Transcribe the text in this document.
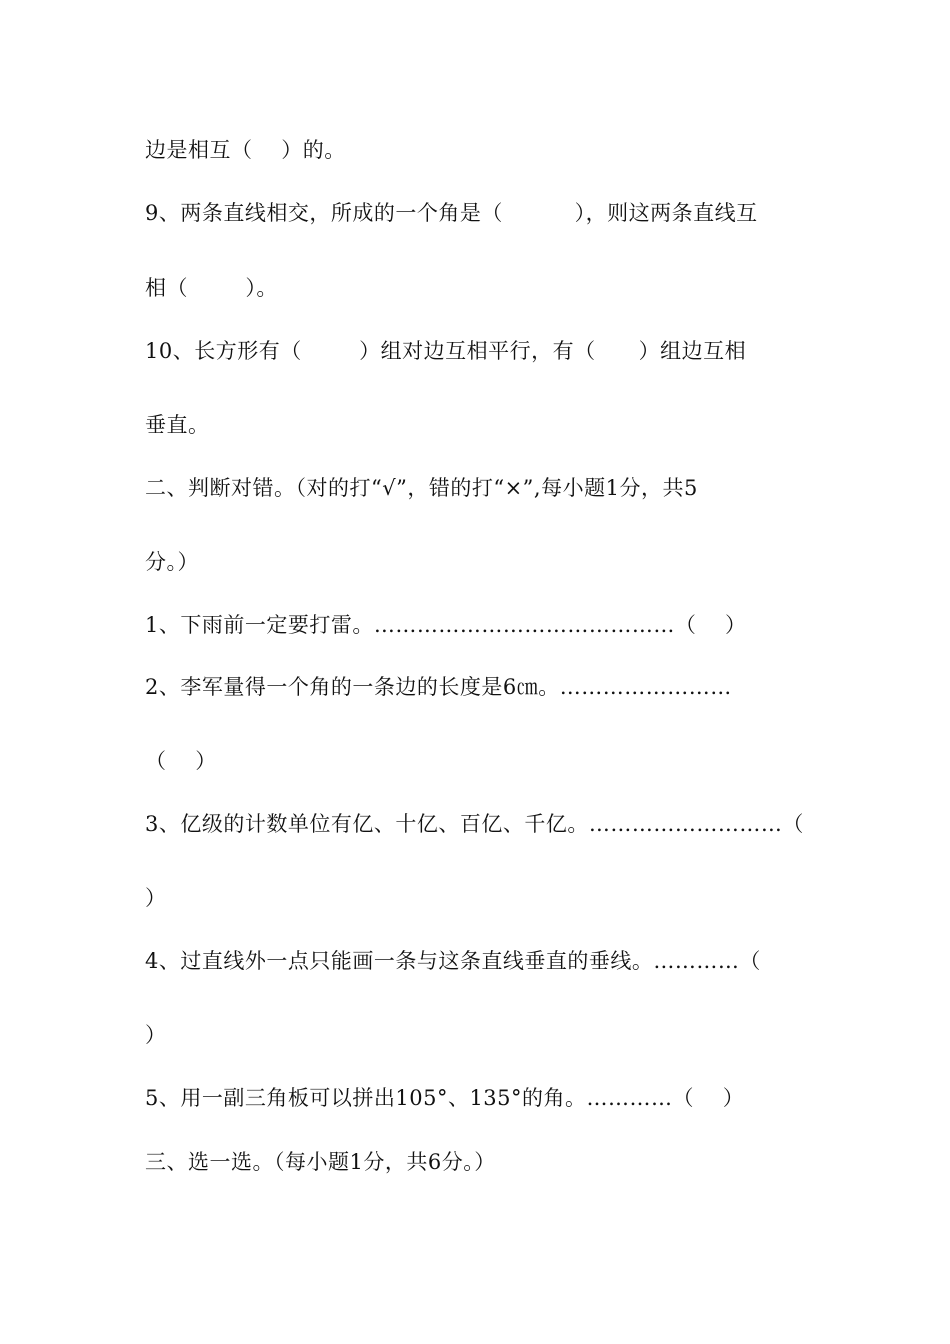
边是相互（    ）的。
9、两条直线相交，所成的一个角是（          ），则这两条直线互
相（        ）。
10、长方形有（        ）组对边互相平行，有（      ）组边互相
垂直。
二、判断对错。（对的打“√”，错的打“×”,每小题1分，共5
分。）
1、下雨前一定要打雷。……………………………………（    ）
2、李军量得一个角的一条边的长度是6㎝。……………………
（    ）
3、亿级的计数单位有亿、十亿、百亿、千亿。………………………（
）
4、过直线外一点只能画一条与这条直线垂直的垂线。…………（
）
5、用一副三角板可以拼出105°、135°的角。…………（    ）
三、选一选。（每小题1分，共6分。）
